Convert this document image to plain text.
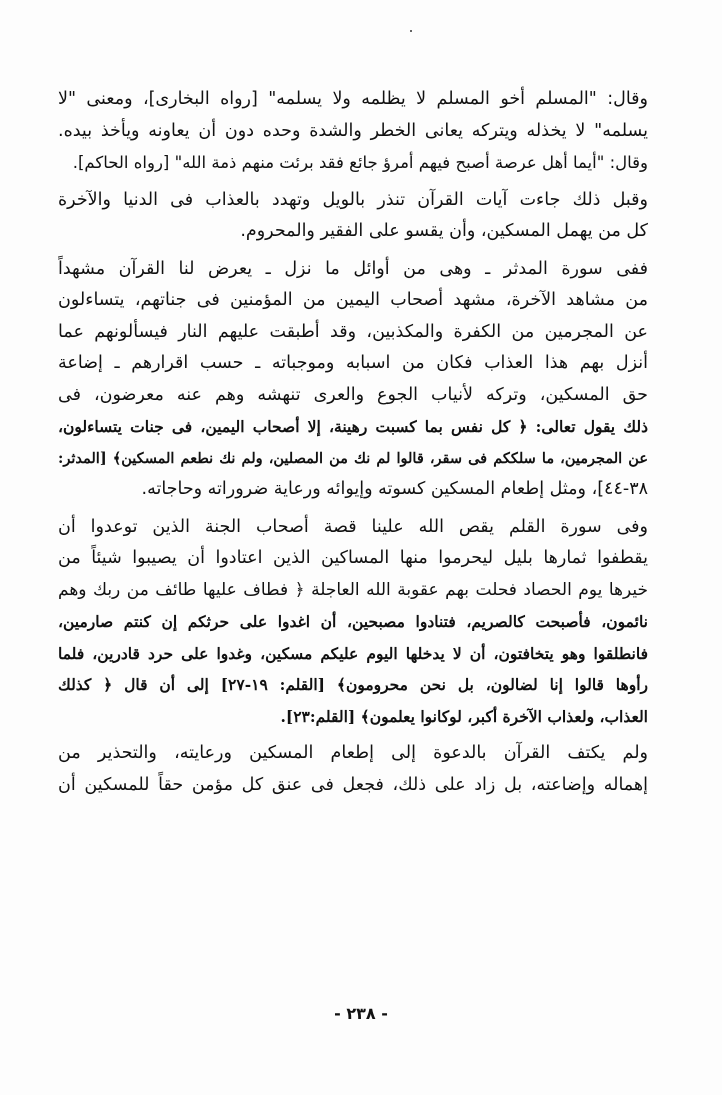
وقال: "المسلم أخو المسلم لا يظلمه ولا يسلمه" [رواه البخارى]، ومعنى "لا
يسلمه" لا يخذله ويتركه يعانى الخطر والشدة وحده دون أن يعاونه ويأخذ بيده.
وقال: "أيما أهل عرصة أصبح فيهم أمرؤ جائع فقد برئت منهم ذمة الله" [رواه الحاكم].
وقبل ذلك جاءت آيات القرآن تنذر بالويل وتهدد بالعذاب فى الدنيا والآخرة
كل من يهمل المسكين، وأن يقسو على الفقير والمحروم.
ففى سورة المدثر ـ وهى من أوائل ما نزل ـ يعرض لنا القرآن مشهداً
من مشاهد الآخرة، مشهد أصحاب اليمين من المؤمنين فى جناتهم، يتساءلون
عن المجرمين من الكفرة والمكذبين، وقد أطبقت عليهم النار فيسألونهم عما
أنزل بهم هذا العذاب فكان من اسبابه وموجباته ـ حسب اقرارهم ـ إضاعة
حق المسكين، وتركه لأنياب الجوع والعرى تنهشه وهم عنه معرضون، فى
ذلك يقول تعالى: ﴿ كل نفس بما كسبت رهينة، إلا أصحاب اليمين، فى جنات يتساءلون،
عن المجرمين، ما سلككم فى سقر، قالوا لم نك من المصلين، ولم نك نطعم المسكين﴾ [المدثر:
٣٨-٤٤]، ومثل إطعام المسكين كسوته وإيوائه ورعاية ضروراته وحاجاته.
وفى سورة القلم يقص الله علينا قصة أصحاب الجنة الذين توعدوا أن
يقطفوا ثمارها بليل ليحرموا منها المساكين الذين اعتادوا أن يصيبوا شيئاً من
خيرها يوم الحصاد فحلت بهم عقوبة الله العاجلة ﴿ فطاف عليها طائف من ربك وهم
نائمون، فأصبحت كالصريم، فتنادوا مصبحين، أن اغدوا على حرثكم إن كنتم صارمين،
فانطلقوا وهو يتخافتون، أن لا يدخلها اليوم عليكم مسكين، وغدوا على حرد قادرين، فلما
رأوها قالوا إنا لضالون، بل نحن محرومون﴾ [القلم: ١٩-٢٧] إلى أن قال ﴿ كذلك
العذاب، ولعذاب الآخرة أكبر، لوكانوا يعلمون﴾ [القلم:٢٣].
ولم يكتف القرآن بالدعوة إلى إطعام المسكين ورعايته، والتحذير من
إهماله وإضاعته، بل زاد على ذلك، فجعل فى عنق كل مؤمن حقاً للمسكين أن
- ٢٣٨ -
